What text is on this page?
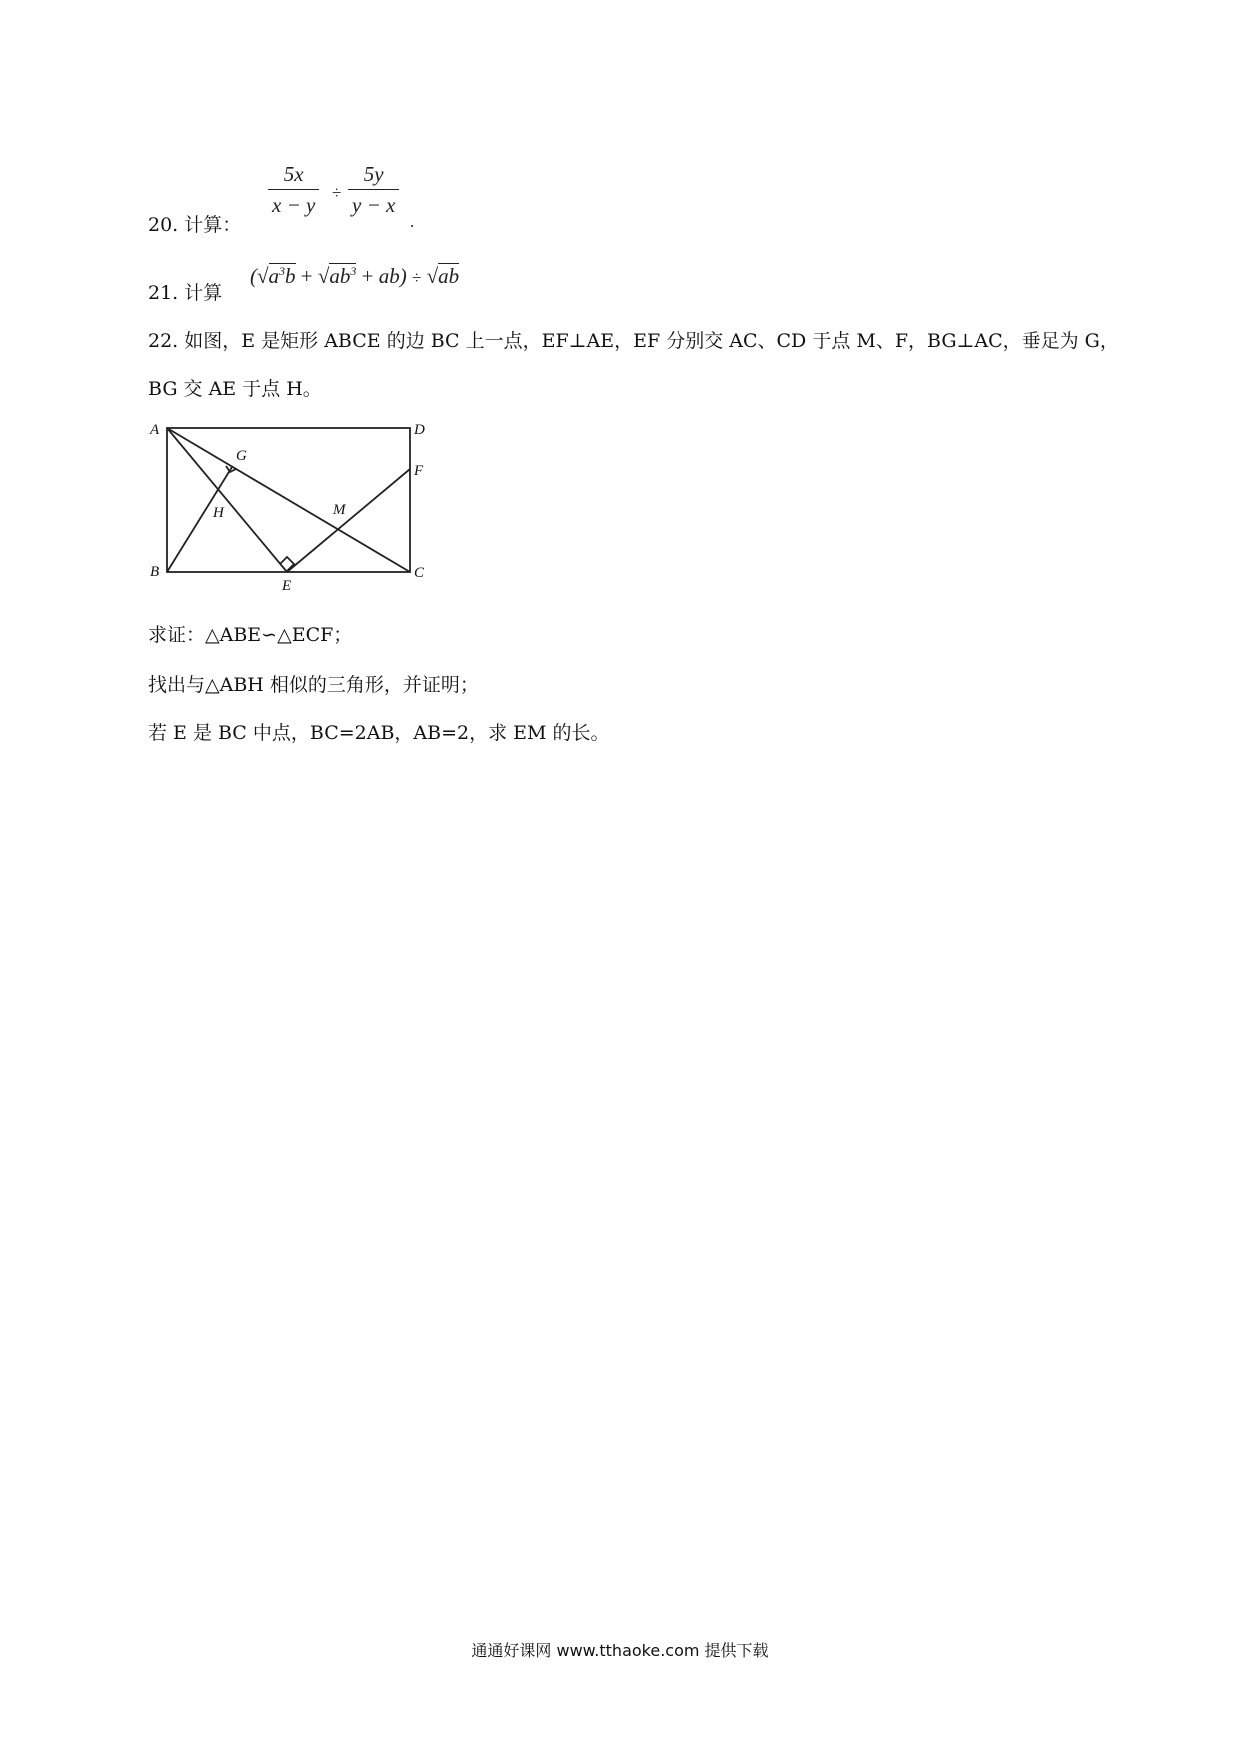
20. 计算：
5x
x − y
÷
5y
y − x
.
21. 计算
$(√a^3b + √ab^3 + ab) \div √ab$
22. 如图，E 是矩形 ABCE 的边 BC 上一点，EF⊥AE，EF 分别交 AC、CD 于点 M、F，BG⊥AC，垂足为 G，
BG 交 AE 于点 H。
A	D
G
F
H	M
B	C
E
求证：△ABE∽△ECF；
找出与△ABH 相似的三角形，并证明；
若 E 是 BC 中点，BC=2AB，AB=2，求 EM 的长。
通通好课网 www.tthaoke.com 提供下载
